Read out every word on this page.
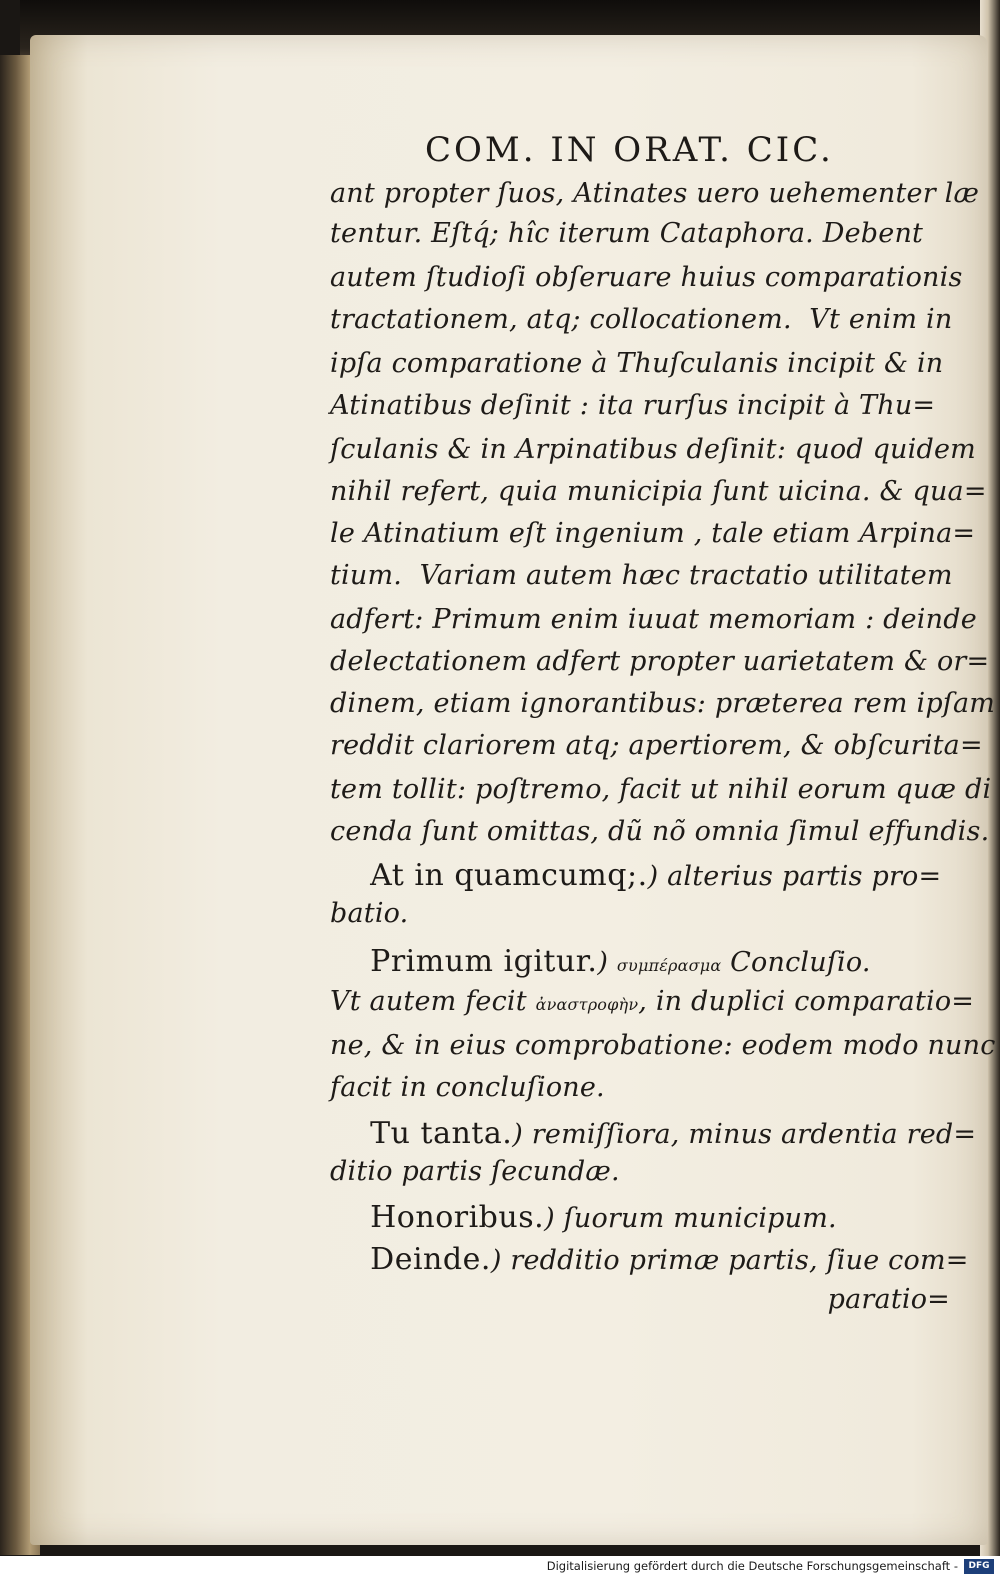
COM. IN ORAT. CIC.
ant propter ſuos, Atinates uero uehementer læ
tentur. Eſtq́; hîc iterum Cataphora. Debent
autem ſtudioſi obſeruare huius comparationis
tractationem, atq; collocationem.  Vt enim in
ipſa comparatione à Thuſculanis incipit & in
Atinatibus deſinit : ita rurſus incipit à Thu=
ſculanis & in Arpinatibus deſinit: quod quidem
nihil refert, quia municipia ſunt uicina. & qua=
le Atinatium eſt ingenium , tale etiam Arpina=
tium.  Variam autem hæc tractatio utilitatem
adfert: Primum enim iuuat memoriam : deinde
delectationem adfert propter uarietatem & or=
dinem, etiam ignorantibus: præterea rem ipſam
reddit clariorem atq; apertiorem, & obſcurita=
tem tollit: poſtremo, facit ut nihil eorum quæ di
cenda ſunt omittas, dũ nõ omnia ſimul effundis.
At in quamcumq;.) alterius partis pro=
batio.
Primum igitur.) συμπέρασμα Concluſio.
Vt autem fecit ἀναστροφὴν, in duplici comparatio=
ne, & in eius comprobatione: eodem modo nunc
facit in concluſione.
Tu tanta.) remiſſiora, minus ardentia red=
ditio partis ſecundæ.
Honoribus.) ſuorum municipum.
Deinde.) redditio primæ partis, ſiue com=
paratio=
Digitalisierung gefördert durch die Deutsche Forschungsgemeinschaft -	DFG
